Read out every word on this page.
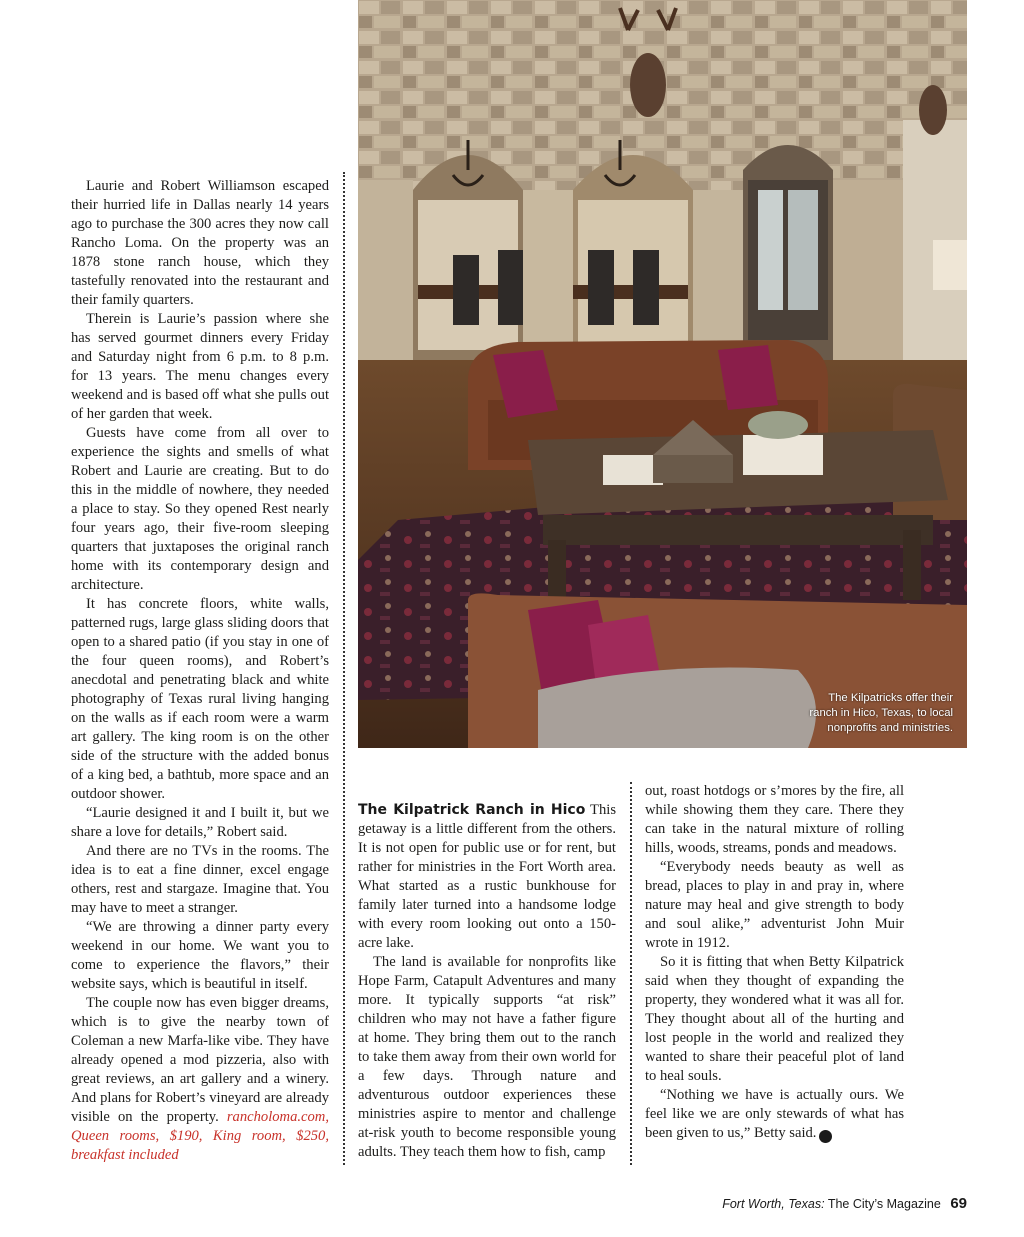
Laurie and Robert Williamson escaped their hurried life in Dallas nearly 14 years ago to purchase the 300 acres they now call Rancho Loma. On the property was an 1878 stone ranch house, which they tastefully renovated into the restaurant and their family quarters.

Therein is Laurie’s passion where she has served gourmet dinners every Friday and Saturday night from 6 p.m. to 8 p.m. for 13 years. The menu changes every weekend and is based off what she pulls out of her garden that week.

Guests have come from all over to experience the sights and smells of what Robert and Laurie are creating. But to do this in the middle of nowhere, they needed a place to stay. So they opened Rest nearly four years ago, their five-room sleeping quarters that juxtaposes the original ranch home with its contemporary design and architecture.

It has concrete floors, white walls, patterned rugs, large glass sliding doors that open to a shared patio (if you stay in one of the four queen rooms), and Robert’s anecdotal and penetrating black and white photography of Texas rural living hanging on the walls as if each room were a warm art gallery. The king room is on the other side of the structure with the added bonus of a king bed, a bathtub, more space and an outdoor shower.

“Laurie designed it and I built it, but we share a love for details,” Robert said.

And there are no TVs in the rooms. The idea is to eat a fine dinner, excel engage others, rest and stargaze. Imagine that. You may have to meet a stranger.

“We are throwing a dinner party every weekend in our home. We want you to come to experience the flavors,” their website says, which is beautiful in itself.

The couple now has even bigger dreams, which is to give the nearby town of Coleman a new Marfa-like vibe. They have already opened a mod pizzeria, also with great reviews, an art gallery and a winery. And plans for Robert’s vineyard are already visible on the property. rancholoma.com, Queen rooms, $190, King room, $250, breakfast included

The Kilpatricks offer their ranch in Hico, Texas, to local nonprofits and ministries.

The Kilpatrick Ranch in Hico This getaway is a little different from the others. It is not open for public use or for rent, but rather for ministries in the Fort Worth area. What started as a rustic bunkhouse for family later turned into a handsome lodge with every room looking out onto a 150-acre lake.

The land is available for nonprofits like Hope Farm, Catapult Adventures and many more. It typically supports “at risk” children who may not have a father figure at home. They bring them out to the ranch to take them away from their own world for a few days. Through nature and adventurous outdoor experiences these ministries aspire to mentor and challenge at-risk youth to become responsible young adults. They teach them how to fish, camp

out, roast hotdogs or s’mores by the fire, all while showing them they care. There they can take in the natural mixture of rolling hills, woods, streams, ponds and meadows.

“Everybody needs beauty as well as bread, places to play in and pray in, where nature may heal and give strength to body and soul alike,” adventurist John Muir wrote in 1912.

So it is fitting that when Betty Kilpatrick said when they thought of expanding the property, they wondered what it was all for. They thought about all of the hurting and lost people in the world and realized they wanted to share their peaceful plot of land to heal souls.

“Nothing we have is actually ours. We feel like we are only stewards of what has been given to us,” Betty said.	fw

Fort Worth, Texas: The City’s Magazine 69
